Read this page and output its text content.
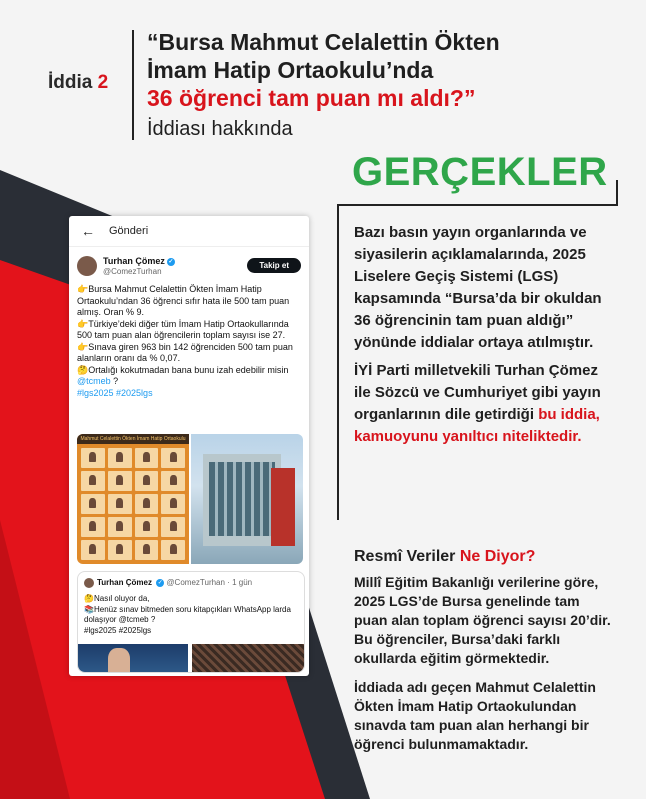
İddia 2
“Bursa Mahmut Celalettin Ökten
İmam Hatip Ortaokulu’nda
36 öğrenci tam puan mı aldı?”
İddiası hakkında
GERÇEKLER

Bazı basın yayın organlarında ve siyasilerin açıklamalarında, 2025 Liselere Geçiş Sistemi (LGS) kapsamında “Bursa’da bir okuldan 36 öğrencinin tam puan aldığı” yönünde iddialar ortaya atılmıştır.

İYİ Parti milletvekili Turhan Çömez ile Sözcü ve Cumhuriyet gibi yayın organlarının dile getirdiği bu iddia, kamuoyunu yanıltıcı niteliktedir.

Resmî Veriler Ne Diyor?

Millî Eğitim Bakanlığı verilerine göre, 2025 LGS’de Bursa genelinde tam puan alan toplam öğrenci sayısı 20’dir. Bu öğrenciler, Bursa’daki farklı okullarda eğitim görmektedir.

İddiada adı geçen Mahmut Celalettin Ökten İmam Hatip Ortaokulundan sınavda tam puan alan herhangi bir öğrenci bulunmamaktadır.

← Gönderi
Turhan Çömez ✓
@ComezTurhan
Takip et
👉Bursa Mahmut Celalettin Ökten İmam Hatip Ortaokulu’ndan 36 öğrenci sıfır hata ile 500 tam puan almış. Oran % 9.
👉Türkiye’deki diğer tüm İmam Hatip Ortaokullarında 500 tam puan alan öğrencilerin toplam sayısı ise 27.
👉Sınava giren 963 bin 142 öğrenciden 500 tam puan alanların oranı da % 0,07.
🤔Ortalığı kokutmadan bana bunu izah edebilir misin @tcmeb ?
#lgs2025 #2025lgs
Mahmut Celalettin Ökten İmam Hatip Ortaokulu
Turhan Çömez ✓ @ComezTurhan · 1 gün
🤔Nasıl oluyor da,
📚Henüz sınav bitmeden soru kitapçıkları WhatsApp larda dolaşıyor @tcmeb ?
#lgs2025 #2025lgs
